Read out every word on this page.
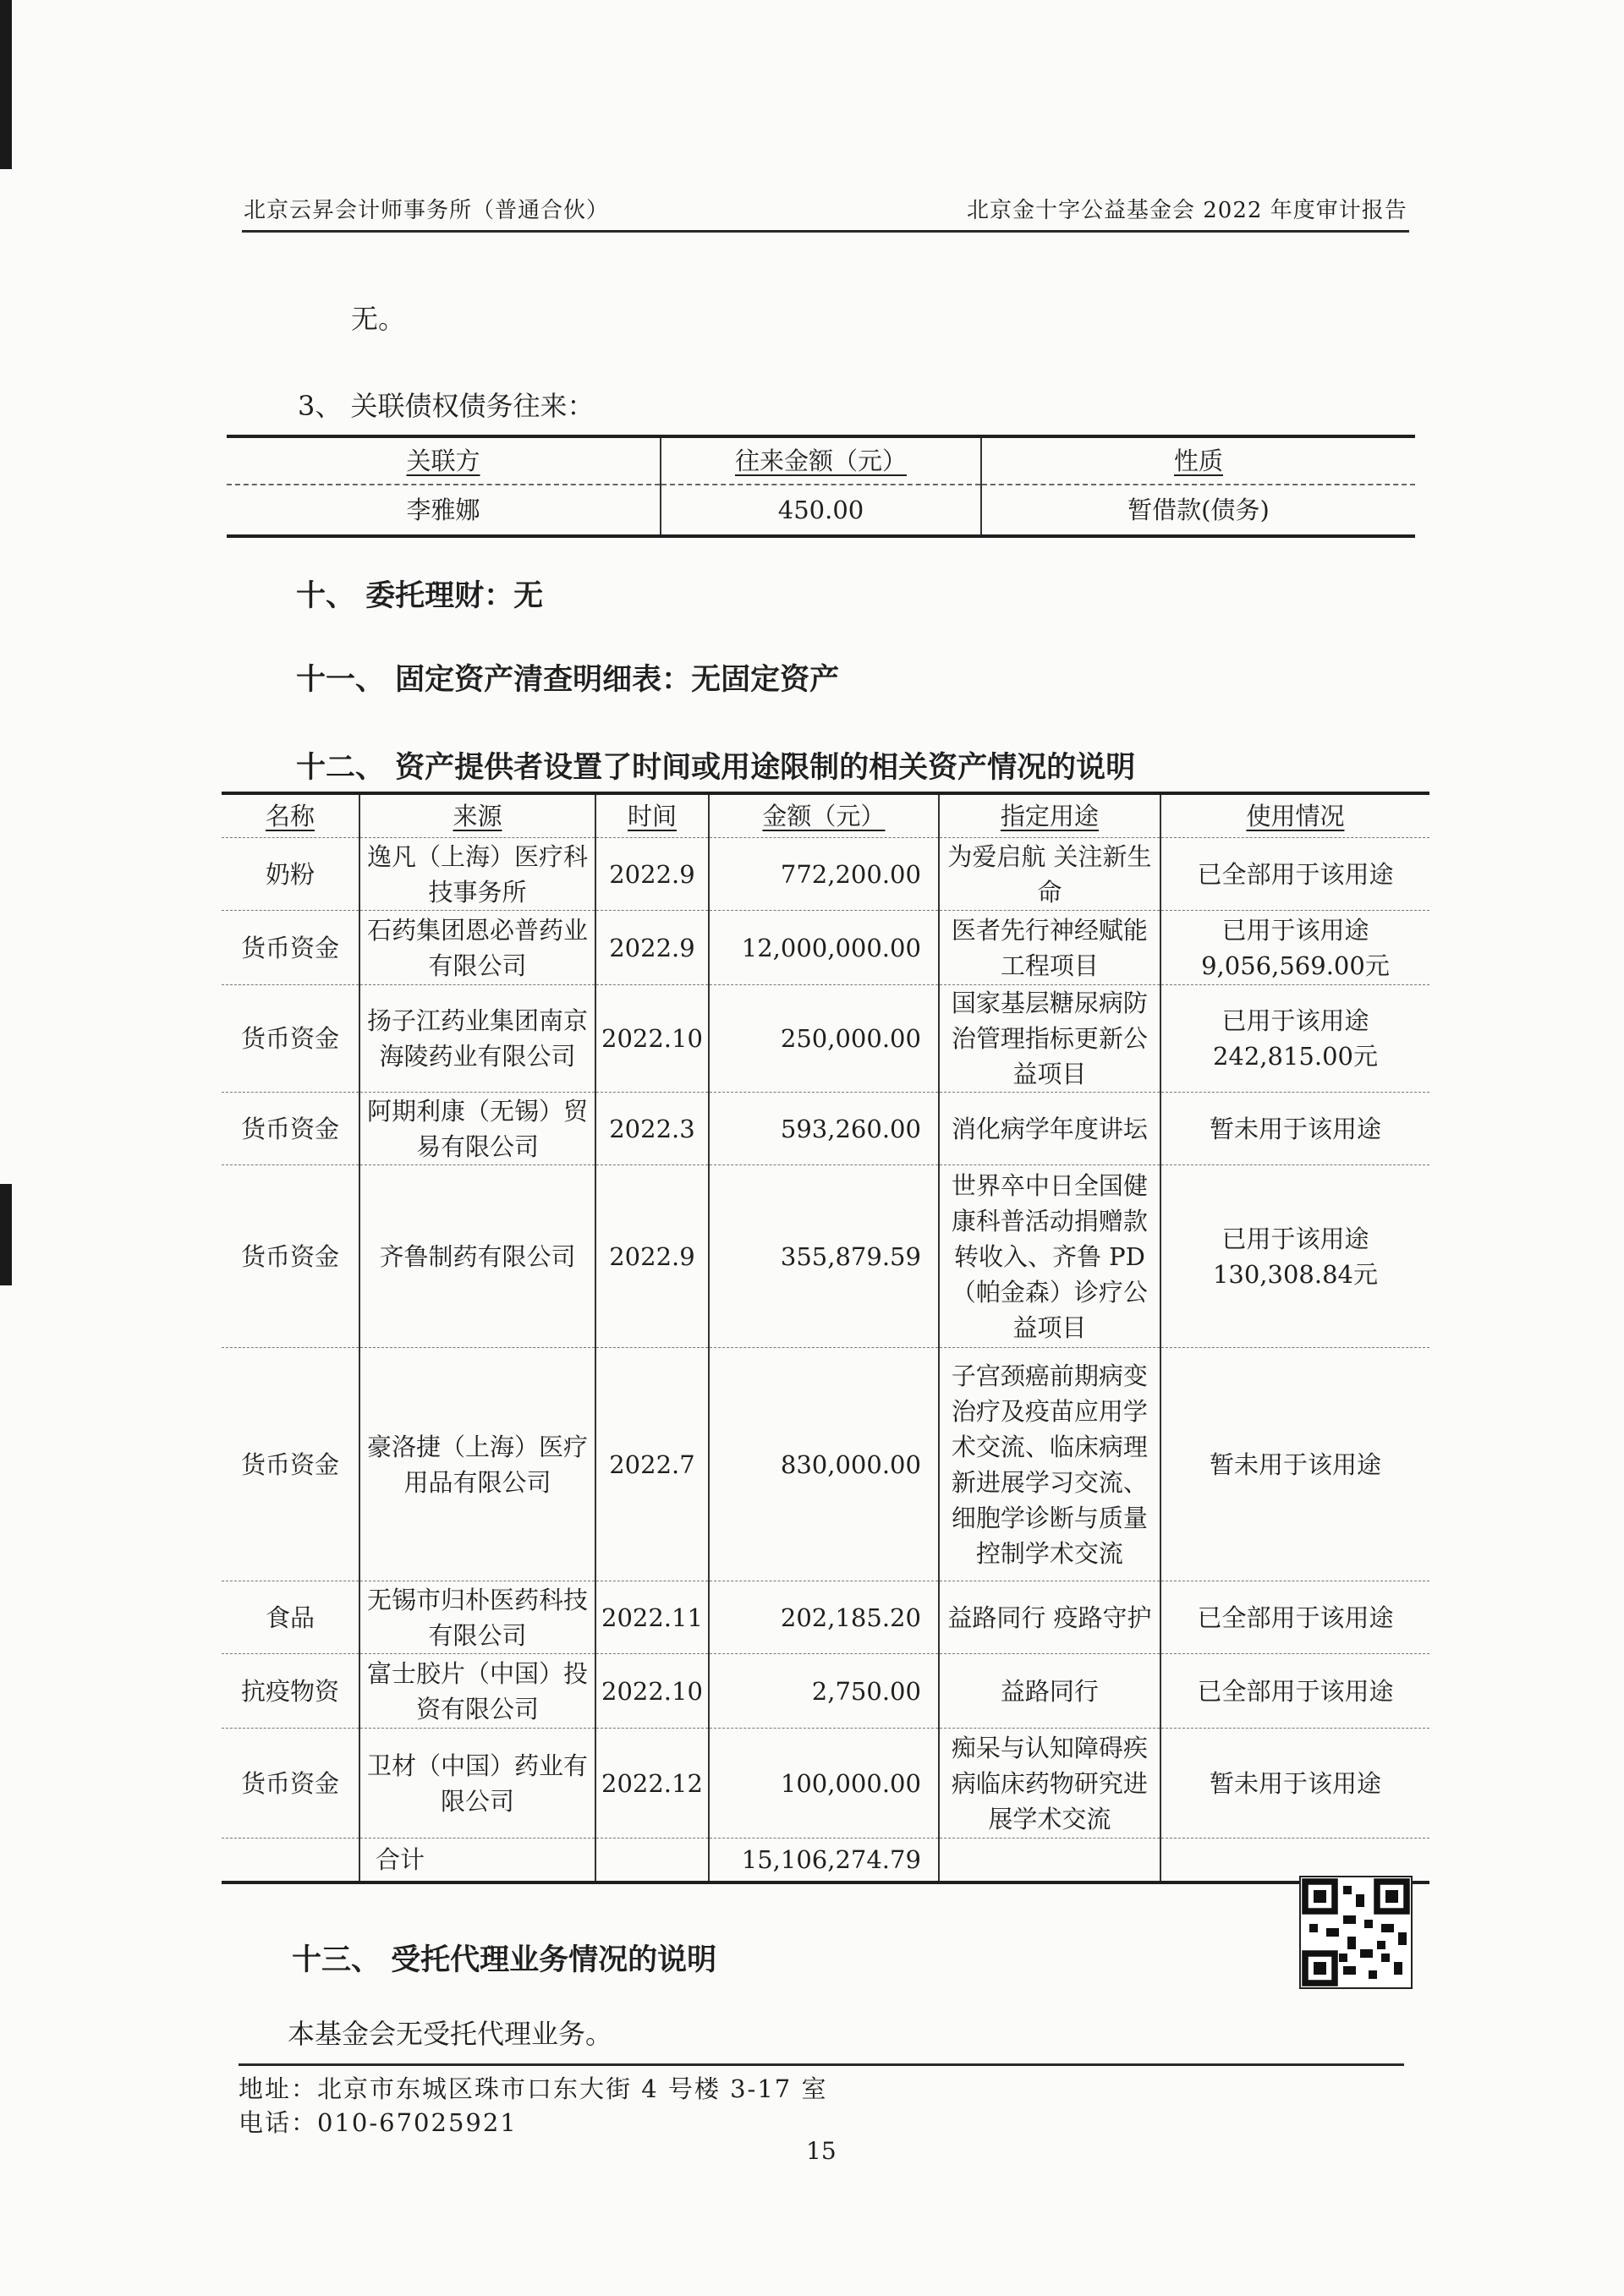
北京云昇会计师事务所（普通合伙）	北京金十字公益基金会 2022 年度审计报告
无。
3、 关联债权债务往来：
关联方	往来金额（元）	性质
李雅娜	450.00	暂借款(债务)
十、 委托理财：无
十一、 固定资产清查明细表：无固定资产
十二、 资产提供者设置了时间或用途限制的相关资产情况的说明
名称	来源	时间	金额（元）	指定用途	使用情况
奶粉	逸凡（上海）医疗科技事务所	2022.9	772,200.00	为爱启航 关注新生命	已全部用于该用途
货币资金	石药集团恩必普药业有限公司	2022.9	12,000,000.00	医者先行神经赋能工程项目	已用于该用途9,056,569.00元
货币资金	扬子江药业集团南京海陵药业有限公司	2022.10	250,000.00	国家基层糖尿病防治管理指标更新公益项目	已用于该用途242,815.00元
货币资金	阿期利康（无锡）贸易有限公司	2022.3	593,260.00	消化病学年度讲坛	暂未用于该用途
货币资金	齐鲁制药有限公司	2022.9	355,879.59	世界卒中日全国健康科普活动捐赠款转收入、齐鲁 PD（帕金森）诊疗公益项目	已用于该用途130,308.84元
货币资金	豪洛捷（上海）医疗用品有限公司	2022.7	830,000.00	子宫颈癌前期病变治疗及疫苗应用学术交流、临床病理新进展学习交流、细胞学诊断与质量控制学术交流	暂未用于该用途
食品	无锡市归朴医药科技有限公司	2022.11	202,185.20	益路同行 疫路守护	已全部用于该用途
抗疫物资	富士胶片（中国）投资有限公司	2022.10	2,750.00	益路同行	已全部用于该用途
货币资金	卫材（中国）药业有限公司	2022.12	100,000.00	痴呆与认知障碍疾病临床药物研究进展学术交流	暂未用于该用途
	合计		15,106,274.79		
十三、 受托代理业务情况的说明
本基金会无受托代理业务。
地址：北京市东城区珠市口东大街 4 号楼 3-17 室
电话：010-67025921
15
